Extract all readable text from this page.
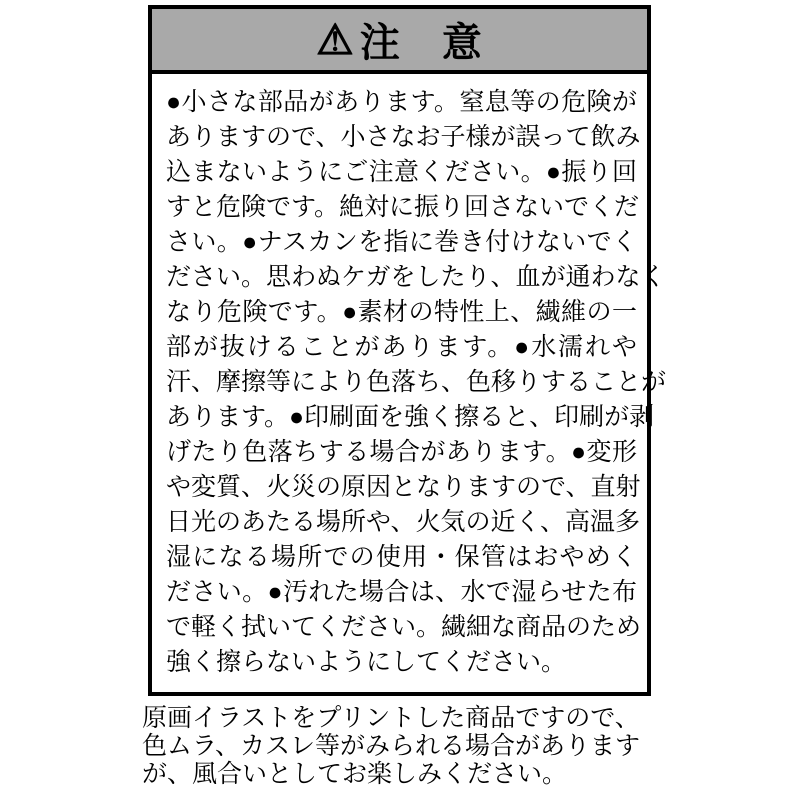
⚠ 注　意
●小さな部品があります。窒息等の危険が
ありますので、小さなお子様が誤って飲み
込まないようにご注意ください。●振り回
すと危険です。絶対に振り回さないでくだ
さい。●ナスカンを指に巻き付けないでく
ださい。思わぬケガをしたり、血が通わなく
なり危険です。●素材の特性上、繊維の一
部が抜けることがあります。●水濡れや
汗、摩擦等により色落ち、色移りすることが
あります。●印刷面を強く擦ると、印刷が剥
げたり色落ちする場合があります。●変形
や変質、火災の原因となりますので、直射
日光のあたる場所や、火気の近く、高温多
湿になる場所での使用・保管はおやめく
ださい。●汚れた場合は、水で湿らせた布
で軽く拭いてください。繊細な商品のため
強く擦らないようにしてください。
原画イラストをプリントした商品ですので、
色ムラ、カスレ等がみられる場合があります
が、風合いとしてお楽しみください。
